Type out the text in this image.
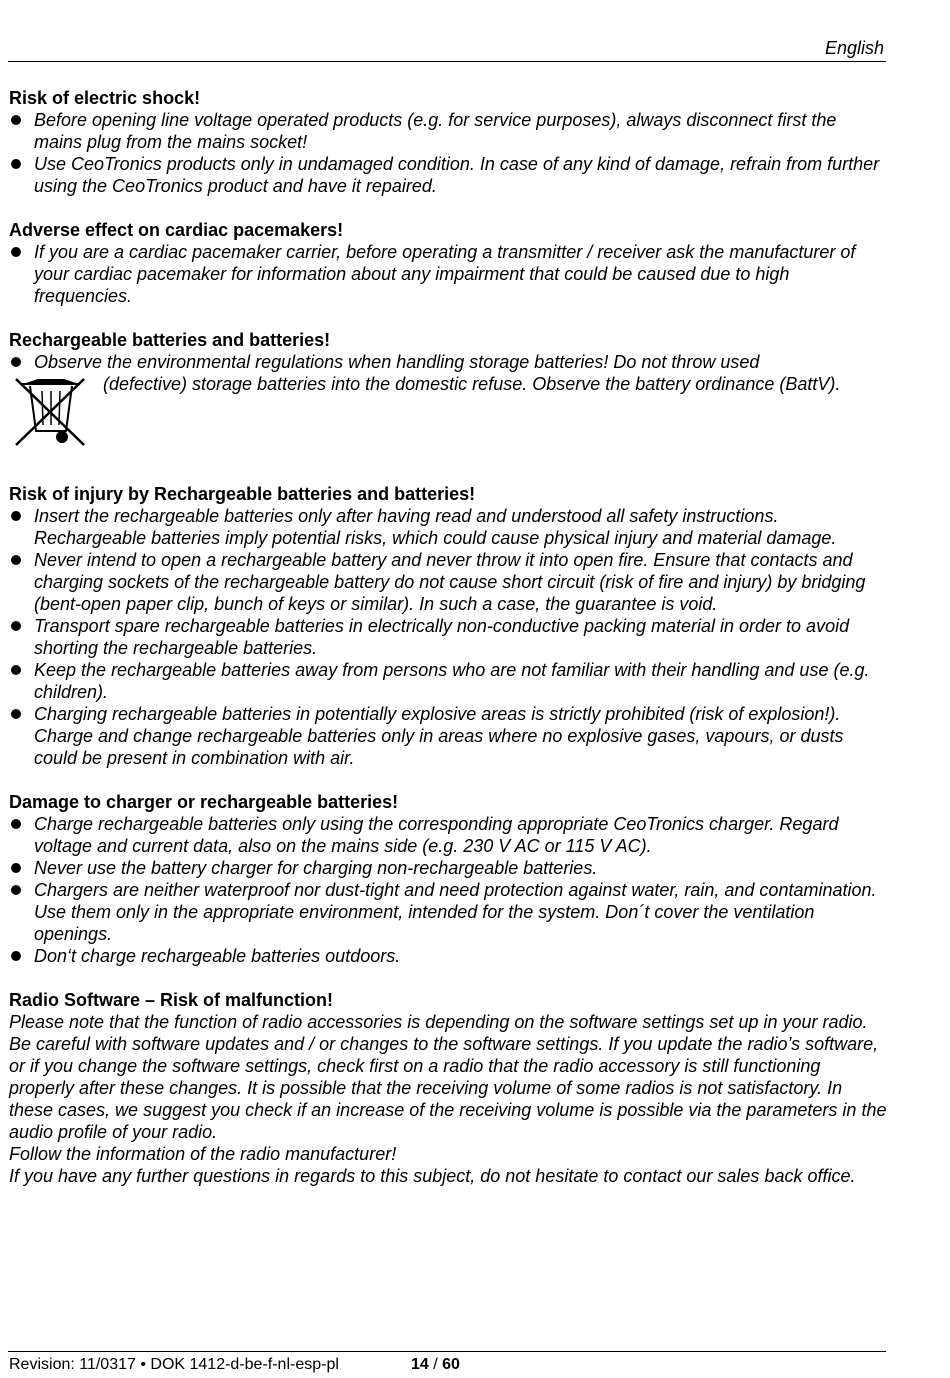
English
Risk of electric shock!
Before opening line voltage operated products (e.g. for service purposes), always disconnect first the mains plug from the mains socket!
Use CeoTronics products only in undamaged condition. In case of any kind of damage, refrain from further using the CeoTronics product and have it repaired.
Adverse effect on cardiac pacemakers!
If you are a cardiac pacemaker carrier, before operating a transmitter / receiver ask the manufacturer of your cardiac pacemaker for information about any impairment that could be caused due to high frequencies.
Rechargeable batteries and batteries!
Observe the environmental regulations when handling storage batteries! Do not throw used
(defective) storage batteries into the domestic refuse. Observe the battery ordinance (BattV).
Risk of injury by Rechargeable batteries and batteries!
Insert the rechargeable batteries only after having read and understood all safety instructions. Rechargeable batteries imply potential risks, which could cause physical injury and material damage.
Never intend to open a rechargeable battery and never throw it into open fire. Ensure that contacts and charging sockets of the rechargeable battery do not cause short circuit (risk of fire and injury) by bridging (bent-open paper clip, bunch of keys or similar). In such a case, the guarantee is void.
Transport spare rechargeable batteries in electrically non-conductive packing material in order to avoid shorting the rechargeable batteries.
Keep the rechargeable batteries away from persons who are not familiar with their handling and use (e.g. children).
Charging rechargeable batteries in potentially explosive areas is strictly prohibited (risk of explosion!). Charge and change rechargeable batteries only in areas where no explosive gases, vapours, or dusts could be present in combination with air.
Damage to charger or rechargeable batteries!
Charge rechargeable batteries only using the corresponding appropriate CeoTronics charger. Regard voltage and current data, also on the mains side (e.g. 230 V AC or 115 V AC).
Never use the battery charger for charging non-rechargeable batteries.
Chargers are neither waterproof nor dust-tight and need protection against water, rain, and contamination. Use them only in the appropriate environment, intended for the system. Don´t cover the ventilation openings.
Don‘t charge rechargeable batteries outdoors.
Radio Software – Risk of malfunction!
Please note that the function of radio accessories is depending on the software settings set up in your radio. Be careful with software updates and / or changes to the software settings. If you update the radio’s software, or if you change the software settings, check first on a radio that the radio accessory is still functioning properly after these changes. It is possible that the receiving volume of some radios is not satisfactory. In these cases, we suggest you check if an increase of the receiving volume is possible via the parameters in the audio profile of your radio.
Follow the information of the radio manufacturer!
If you have any further questions in regards to this subject, do not hesitate to contact our sales back office.
Revision: 11/0317 • DOK 1412-d-be-f-nl-esp-pl	14 / 60
